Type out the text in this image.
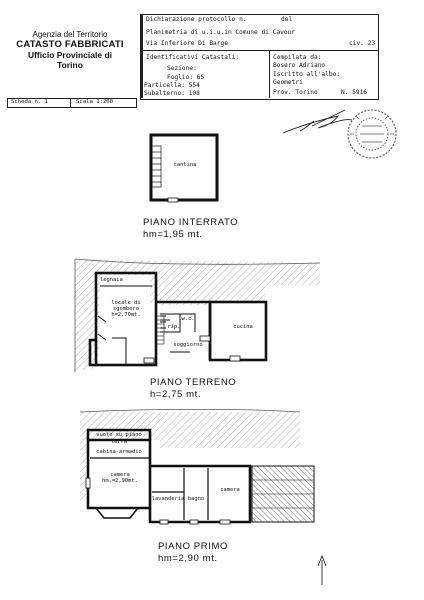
Agenzia del Territorio
CATASTO FABBRICATI
Ufficio Provinciale di
Torino
Dichiarazione protocollo n.	del
Planimetria di u.i.u.in Comune di Cavour
Via Inferiore Di Barge	civ. 23
Identificativi Catastali:
Sezione:
Foglio: 65
Particella: 554
Subalterno: 108
Compilata da:
Bosero Adriano
Iscritto all'albo:
Geometri
Prov. Torino	N. 5916
Scheda n. 1	Scala 1:200
cantina
PIANO INTERRATO
hm=1,95 mt.
legnaia
locale di
sgombero
h=2,70mt.
w.c.
rip.
soggiorno
cucina
PIANO TERRENO
h=2,75 mt.
vuoto su piano terra
cabina-armadio
camera
hm.=2,90mt.
lavanderia bagno
camera
PIANO PRIMO
hm=2,90 mt.
